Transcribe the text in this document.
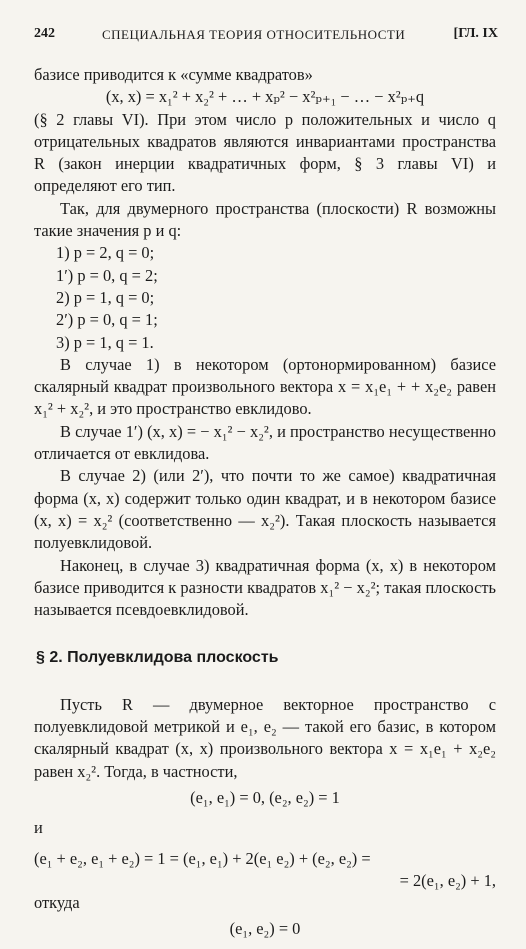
242	СПЕЦИАЛЬНАЯ ТЕОРИЯ ОТНОСИТЕЛЬНОСТИ	[ГЛ. IX

базисе приводится к «сумме квадратов»

(x, x) = x₁² + x₂² + … + xₚ² − x²ₚ₊₁ − … − x²ₚ₊q

(§ 2 главы VI). При этом число p положительных и число q отрицательных квадратов являются инвариантами пространства R (закон инерции квадратичных форм, § 3 главы VI) и определяют его тип.

Так, для двумерного пространства (плоскости) R возможны такие значения p и q:

1) p = 2, q = 0;

1′) p = 0, q = 2;

2) p = 1, q = 0;

2′) p = 0, q = 1;

3) p = 1, q = 1.

В случае 1) в некотором (ортонормированном) базисе скалярный квадрат произвольного вектора x = x₁e₁ + + x₂e₂ равен x₁² + x₂², и это пространство евклидово.

В случае 1′) (x, x) = − x₁² − x₂², и пространство несущественно отличается от евклидова.

В случае 2) (или 2′), что почти то же самое) квадратичная форма (x, x) содержит только один квадрат, и в некотором базисе (x, x) = x₂² (соответственно — x₂²). Такая плоскость называется полуевклидовой.

Наконец, в случае 3) квадратичная форма (x, x) в некотором базисе приводится к разности квадратов x₁² − x₂²; такая плоскость называется псевдоевклидовой.

§ 2. Полуевклидова плоскость

Пусть R — двумерное векторное пространство с полуевклидовой метрикой и e₁, e₂ — такой его базис, в котором скалярный квадрат (x, x) произвольного вектора x = x₁e₁ + x₂e₂ равен x₂². Тогда, в частности,

(e₁, e₁) = 0, (e₂, e₂) = 1

и

(e₁ + e₂, e₁ + e₂) = 1 = (e₁, e₁) + 2(e₁ e₂) + (e₂, e₂) =

= 2(e₁, e₂) + 1,

откуда

(e₁, e₂) = 0
